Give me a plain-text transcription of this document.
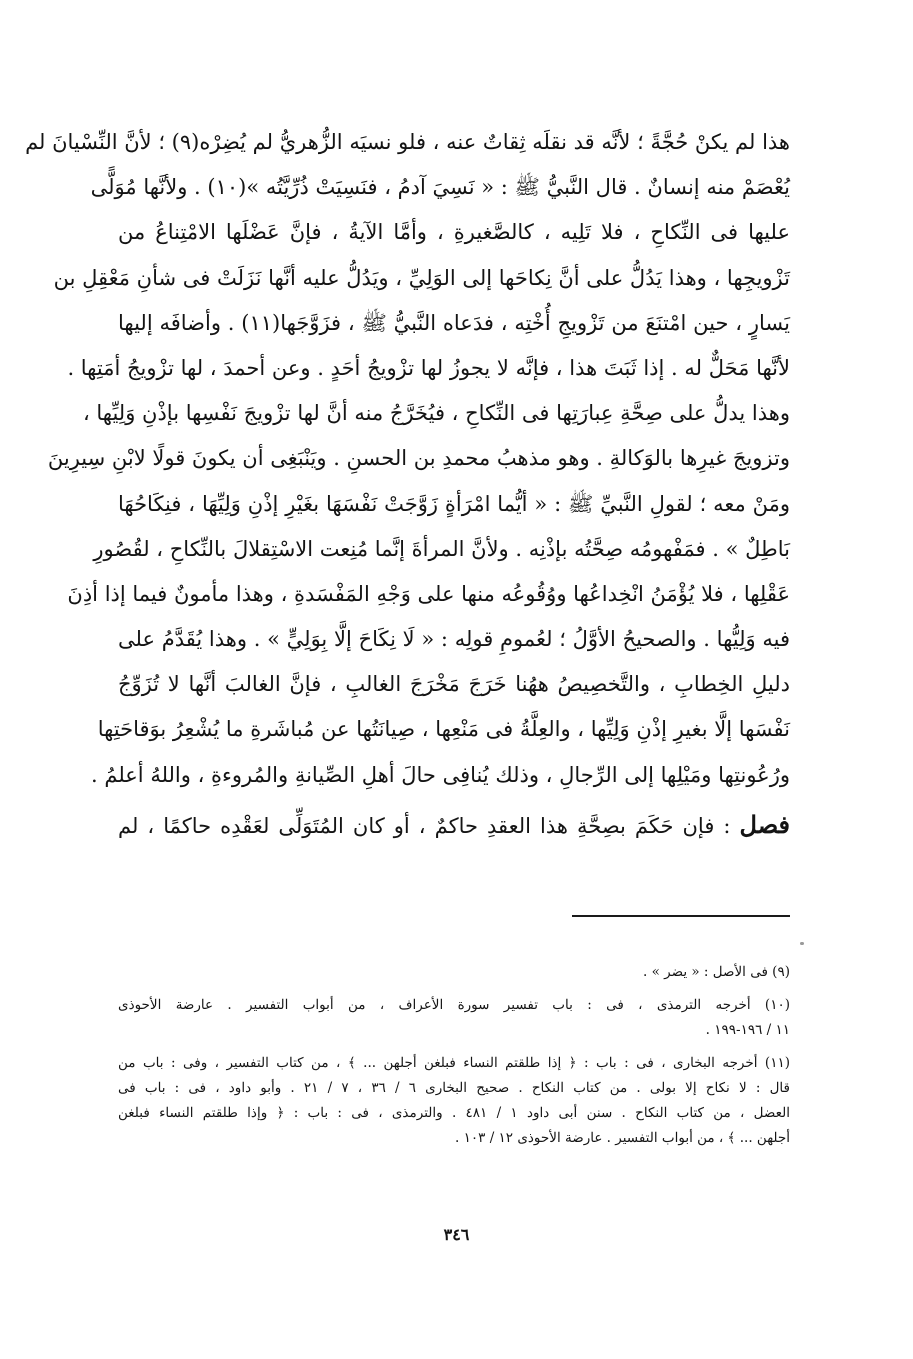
هذا لم يكنْ حُجَّةً ؛ لأنَّه قد نقلَه ثِقاتٌ عنه ، فلو نسيَه الزُّهريُّ لم يُضِرْه(٩) ؛ لأنَّ النِّسْيانَ لم
يُعْصَمْ منه إنسانٌ . قال النَّبيُّ ﷺ : « نَسِيَ آدمُ ، فنَسِيَتْ ذُرِّيَّتُه »(١٠) . ولأنَّها مُوَلًّى
عليها فى النِّكاحِ ، فلا تَلِيه ، كالصَّغيرةِ ، وأمَّا الآيةُ ، فإنَّ عَضْلَها الامْتِناعُ من
تَزْويجِها ، وهذا يَدُلُّ على أنَّ نِكاحَها إلى الوَلِيِّ ، ويَدُلُّ عليه أنَّها نَزَلَتْ فى شأنِ مَعْقِلِ بن
يَسارٍ ، حين امْتنَعَ من تَزْويجِ أُخْتِه ، فدَعاه النَّبيُّ ﷺ ، فزَوَّجَها(١١) . وأضافَه إليها
لأنَّها مَحَلٌّ له . إذا ثَبَتَ هذا ، فإنَّه لا يجوزُ لها تزْويجُ أحَدٍ . وعن أحمدَ ، لها تزْويجُ أمَتِها .
وهذا يدلُّ على صِحَّةِ عِبارَتِها فى النِّكاحِ ، فيُخَرَّجُ منه أنَّ لها تزْويجَ نَفْسِها بإذْنِ وَلِيِّها ،
وتزويجَ غيرِها بالوَكالةِ . وهو مذهبُ محمدِ بن الحسنِ . ويَنْبَغِى أن يكونَ قولًا لابْنِ سِيرِينَ
ومَنْ معه ؛ لقولِ النَّبيِّ ﷺ : « أيُّما امْرَأةٍ زَوَّجَتْ نَفْسَهَا بغَيْرِ إذْنِ وَلِيِّهَا ، فنِكَاحُهَا
بَاطِلٌ » . فمَفْهومُه صِحَّتُه بإذْنِه . ولأنَّ المرأةَ إنَّما مُنِعت الاسْتِقلالَ بالنِّكاحِ ، لقُصُورِ
عَقْلِها ، فلا يُؤْمَنُ انْخِداعُها ووُقُوعُه منها على وَجْهِ المَفْسَدةِ ، وهذا مأمونٌ فيما إذا أذِنَ
فيه وَلِيُّها . والصحيحُ الأوَّلُ ؛ لعُمومِ قولِه : « لَا نِكَاحَ إلَّا بِوَلِيٍّ » . وهذا يُقَدَّمُ على
دليلِ الخِطابِ ، والتَّخصِيصُ ههُنا خَرَجَ مَخْرَجَ الغالبِ ، فإنَّ الغالبَ أنَّها لا تُزَوِّجُ
نَفْسَها إلَّا بغيرِ إذْنِ وَلِيِّها ، والعِلَّةُ فى مَنْعِها ، صِيانَتُها عن مُباشَرةِ ما يُشْعِرُ بوَقاحَتِها
ورُعُونتِها ومَيْلِها إلى الرِّجالِ ، وذلك يُنافِى حالَ أهلِ الصِّيانةِ والمُروءةِ ، واللهُ أعلمُ .
فصل : فإن حَكَمَ بصِحَّةِ هذا العقدِ حاكمٌ ، أو كان المُتَوَلِّى لعَقْدِه حاكمًا ، لم
(٩) فى الأصل : « يضر » .
(١٠) أخرجه الترمذى ، فى : باب تفسير سورة الأعراف ، من أبواب التفسير . عارضة الأحوذى
١١ / ١٩٦-١٩٩ .
(١١) أخرجه البخارى ، فى : باب : ﴿ إذا طلقتم النساء فبلغن أجلهن ... ﴾ ، من كتاب التفسير ، وفى : باب من
قال : لا نكاح إلا بولى . من كتاب النكاح . صحيح البخارى ٦ / ٣٦ ، ٧ / ٢١ . وأبو داود ، فى : باب فى
العضل ، من كتاب النكاح . سنن أبى داود ١ / ٤٨١ . والترمذى ، فى : باب : ﴿ وإذا طلقتم النساء فبلغن
أجلهن ... ﴾ ، من أبواب التفسير . عارضة الأحوذى ١٢ / ١٠٣ .
٣٤٦
